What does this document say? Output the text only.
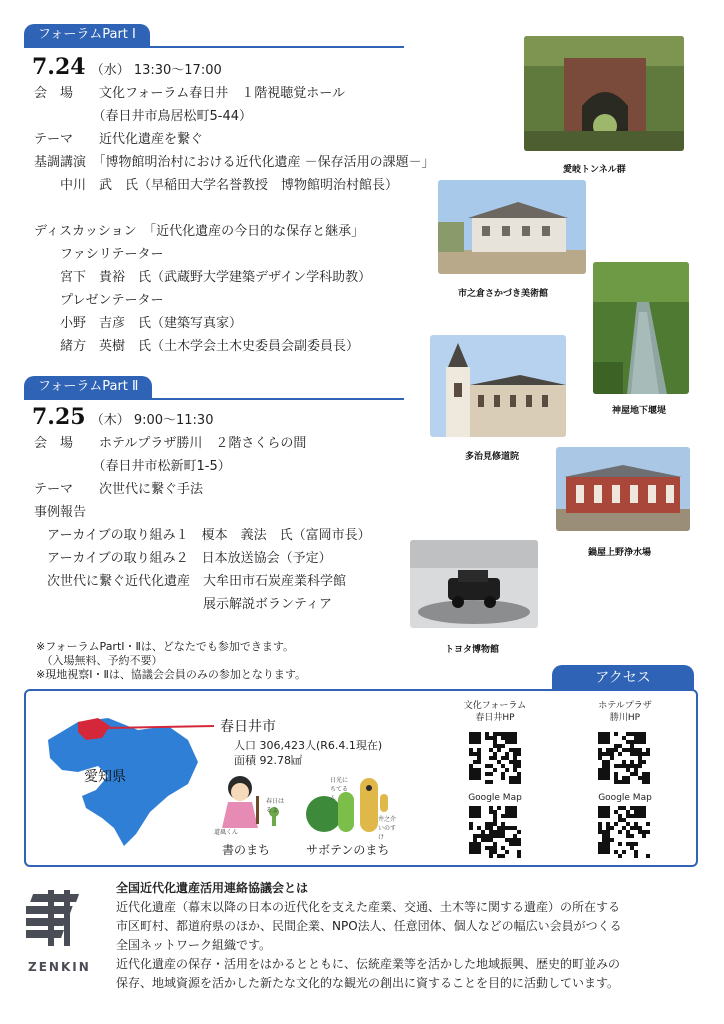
フォーラムPart Ⅰ
7.24 （水） 13:30〜17:00
会　場　　文化フォーラム春日井　１階視聴覚ホール
　　　　　（春日井市鳥居松町5-44）
テーマ　　近代化遺産を繋ぐ
基調講演　「博物館明治村における近代化遺産 －保存活用の課題－」
　　中川　武　氏（早稲田大学名誉教授　博物館明治村館長）
ディスカッション　「近代化遺産の今日的な保存と継承」
　　ファシリテーター
　　宮下　貴裕　氏（武蔵野大学建築デザイン学科助教）
　　プレゼンテーター
　　小野　吉彦　氏（建築写真家）
　　緒方　英樹　氏（土木学会土木史委員会副委員長）
フォーラムPart Ⅱ
7.25 （木） 9:00〜11:30
会　場　　ホテルプラザ勝川　２階さくらの間
　　　　　（春日井市松新町1-5）
テーマ　　次世代に繋ぐ手法
事例報告
　アーカイブの取り組み１　榎本　義法　氏（富岡市長）
　アーカイブの取り組み２　日本放送協会（予定）
　次世代に繋ぐ近代化遺産　大牟田市石炭産業科学館
　　　　　　　　　　　　　展示解説ボランティア
※フォーラムPartⅠ・Ⅱは、どなたでも参加できます。
　（入場無料、予約不要）
※現地視察Ⅰ・Ⅱは、協議会会員のみの参加となります。
愛岐トンネル群
市之倉さかづき美術館
神屋地下堰堤
多治見修道院
鍋屋上野浄水場
トヨタ博物館
アクセス
愛知県
春日井市
人口 306,423人(R6.4.1現在)
面積 92.78㎢
道風くん
春日はるよ
日光にちてるん
井之介いのすけ
書のまち	サボテンのまち
文化フォーラム
春日井HP
ホテルプラザ
勝川HP
Google Map	Google Map
ZENKIN
全国近代化遺産活用連絡協議会とは
近代化遺産（幕末以降の日本の近代化を支えた産業、交通、土木等に関する遺産）の所在する
市区町村、都道府県のほか、民間企業、NPO法人、任意団体、個人などの幅広い会員がつくる
全国ネットワーク組織です。
近代化遺産の保存・活用をはかるとともに、伝統産業等を活かした地域振興、歴史的町並みの
保存、地域資源を活かした新たな文化的な観光の創出に資することを目的に活動しています。
